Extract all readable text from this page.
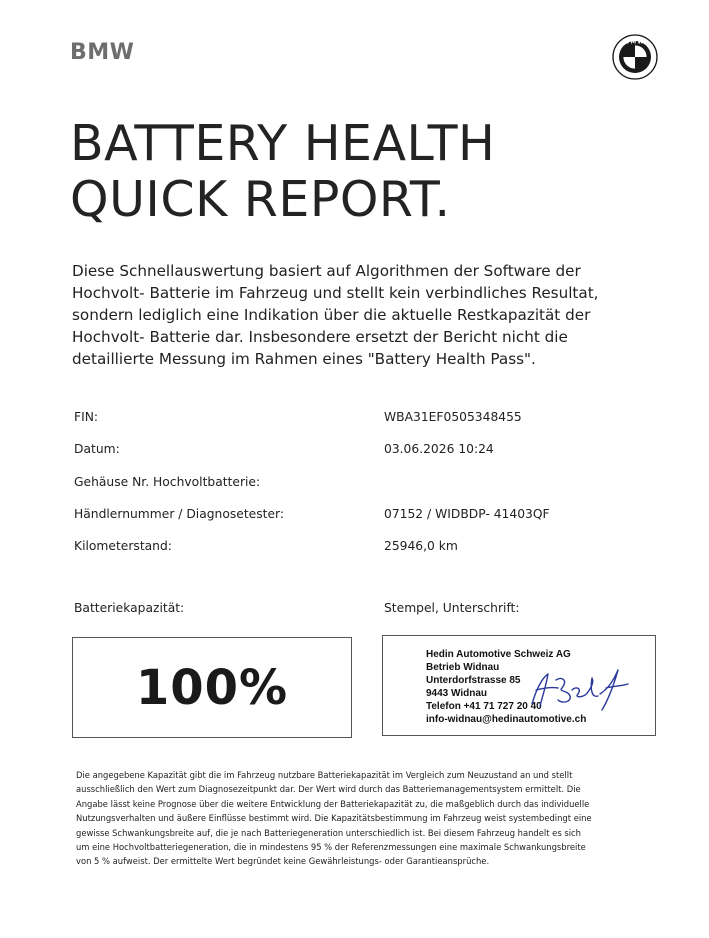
BMW	BMW
BATTERY HEALTH
QUICK REPORT.
Diese Schnellauswertung basiert auf Algorithmen der Software der
Hochvolt- Batterie im Fahrzeug und stellt kein verbindliches Resultat,
sondern lediglich eine Indikation über die aktuelle Restkapazität der
Hochvolt- Batterie dar. Insbesondere ersetzt der Bericht nicht die
detaillierte Messung im Rahmen eines "Battery Health Pass".
FIN:	WBA31EF0505348455
Datum:	03.06.2026 10:24
Gehäuse Nr. Hochvoltbatterie:
Händlernummer / Diagnosetester:	07152 / WIDBDP- 41403QF
Kilometerstand:	25946,0 km
Batteriekapazität:	Stempel, Unterschrift:
100%
Hedin Automotive Schweiz AG
Betrieb Widnau
Unterdorfstrasse 85
9443 Widnau
Telefon +41 71 727 20 40
info-widnau@hedinautomotive.ch
Die angegebene Kapazität gibt die im Fahrzeug nutzbare Batteriekapazität im Vergleich zum Neuzustand an und stellt
ausschließlich den Wert zum Diagnosezeitpunkt dar. Der Wert wird durch das Batteriemanagementsystem ermittelt. Die
Angabe lässt keine Prognose über die weitere Entwicklung der Batteriekapazität zu, die maßgeblich durch das individuelle
Nutzungsverhalten und äußere Einflüsse bestimmt wird. Die Kapazitätsbestimmung im Fahrzeug weist systembedingt eine
gewisse Schwankungsbreite auf, die je nach Batteriegeneration unterschiedlich ist. Bei diesem Fahrzeug handelt es sich
um eine Hochvoltbatteriegeneration, die in mindestens 95 % der Referenzmessungen eine maximale Schwankungsbreite
von 5 % aufweist. Der ermittelte Wert begründet keine Gewährleistungs- oder Garantieansprüche.
